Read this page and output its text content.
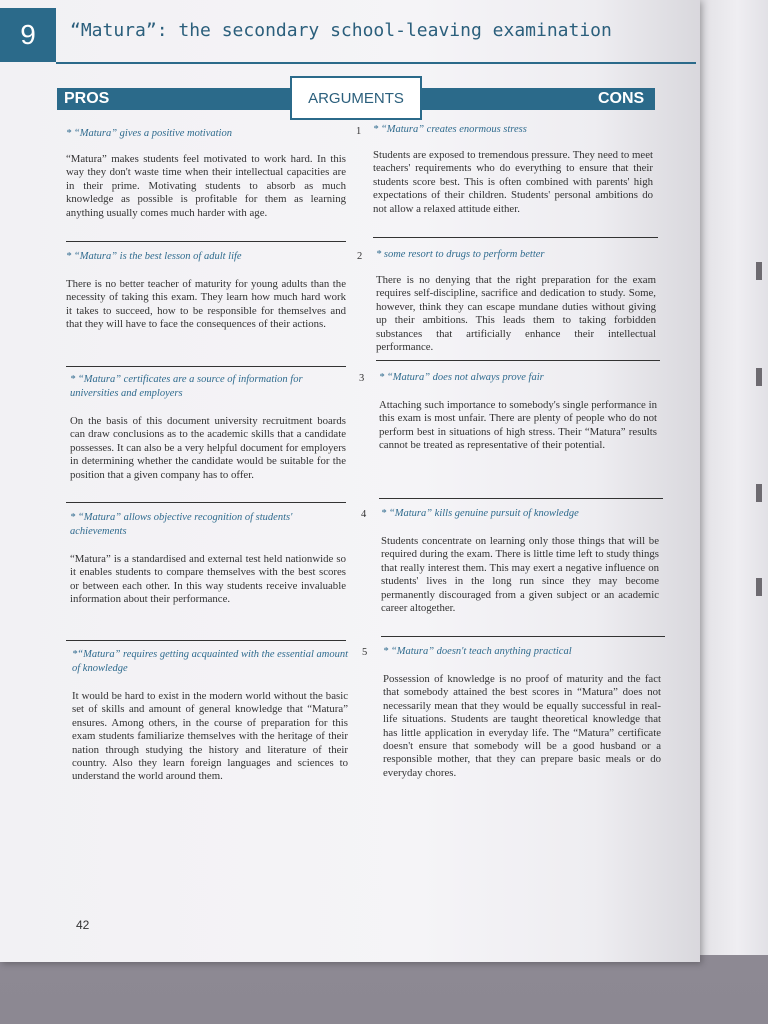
9	“Matura”: the secondary school-leaving examination
PROS	CONS
ARGUMENTS
* “Matura” gives a positive motivation
“Matura” makes students feel motivated to work hard. In this way they don't waste time when their intellectual capacities are in their prime. Motivating students to absorb as much knowledge as possible is profitable for them as learning anything usually comes much harder with age.
* “Matura” is the best lesson of adult life
There is no better teacher of maturity for young adults than the necessity of taking this exam. They learn how much hard work it takes to succeed, how to be responsible for themselves and that they will have to face the consequences of their actions.
* “Matura” certificates are a source of information for universities and employers
On the basis of this document university recruitment boards can draw conclusions as to the academic skills that a candidate possesses. It can also be a very helpful document for employers in determining whether the candidate would be suitable for the position that a given company has to offer.
* “Matura” allows objective recognition of students' achievements
“Matura” is a standardised and external test held nationwide so it enables students to compare themselves with the best scores or between each other. In this way students receive invaluable information about their performance.
*“Matura” requires getting acquainted with the essential amount of knowledge
It would be hard to exist in the modern world without the basic set of skills and amount of general knowledge that “Matura” ensures. Among others, in the course of preparation for this exam students familiarize themselves with the heritage of their nation through studying the history and literature of their country. Also they learn foreign languages and sciences to understand the world around them.
1
2
3
4
5
* “Matura” creates enormous stress
Students are exposed to tremendous pressure. They need to meet teachers' requirements who do everything to ensure that their students score best. This is often combined with parents' high expectations of their children. Students' personal ambitions do not allow a relaxed attitude either.
* some resort to drugs to perform better
There is no denying that the right preparation for the exam requires self-discipline, sacrifice and dedication to study. Some, however, think they can escape mundane duties without giving up their ambitions. This leads them to taking forbidden substances that artificially enhance their intellectual performance.
* “Matura” does not always prove fair
Attaching such importance to somebody's single performance in this exam is most unfair. There are plenty of people who do not perform best in situations of high stress. Their “Matura” results cannot be treated as representative of their potential.
* “Matura” kills genuine pursuit of knowledge
Students concentrate on learning only those things that will be required during the exam. There is little time left to study things that really interest them. This may exert a negative influence on students' lives in the long run since they may become permanently discouraged from a given subject or an academic career altogether.
* “Matura” doesn't teach anything practical
Possession of knowledge is no proof of maturity and the fact that somebody attained the best scores in “Matura” does not necessarily mean that they would be equally successful in real-life situations. Students are taught theoretical knowledge that has little application in everyday life. The “Matura” certificate doesn't ensure that somebody will be a good husband or a responsible mother, that they can prepare basic meals or do everyday chores.
42
